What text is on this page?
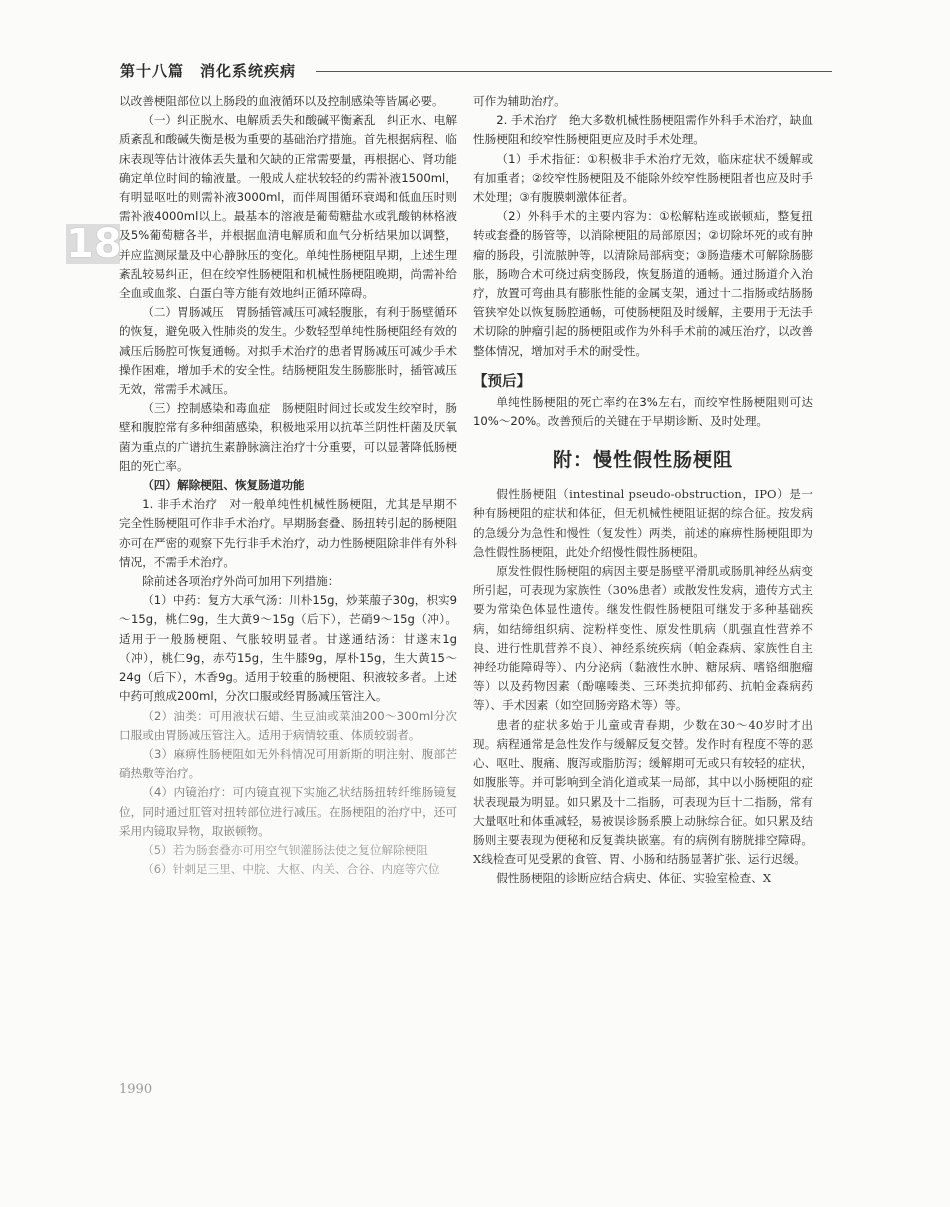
第十八篇　消化系统疾病
18

以改善梗阻部位以上肠段的血液循环以及控制感染等皆属必要。

（一）纠正脱水、电解质丢失和酸碱平衡紊乱　纠正水、电解质紊乱和酸碱失衡是极为重要的基础治疗措施。首先根据病程、临床表现等估计液体丢失量和欠缺的正常需要量，再根据心、肾功能确定单位时间的输液量。一般成人症状较轻的约需补液1500ml，有明显呕吐的则需补液3000ml，而伴周围循环衰竭和低血压时则需补液4000ml以上。最基本的溶液是葡萄糖盐水或乳酸钠林格液及5%葡萄糖各半，并根据血清电解质和血气分析结果加以调整，并应监测尿量及中心静脉压的变化。单纯性肠梗阻早期，上述生理紊乱较易纠正，但在绞窄性肠梗阻和机械性肠梗阻晚期，尚需补给全血或血浆、白蛋白等方能有效地纠正循环障碍。

（二）胃肠减压　胃肠插管减压可减轻腹胀，有利于肠壁循环的恢复，避免吸入性肺炎的发生。少数轻型单纯性肠梗阻经有效的减压后肠腔可恢复通畅。对拟手术治疗的患者胃肠减压可减少手术操作困难，增加手术的安全性。结肠梗阻发生肠膨胀时，插管减压无效，常需手术减压。

（三）控制感染和毒血症　肠梗阻时间过长或发生绞窄时，肠壁和腹腔常有多种细菌感染，积极地采用以抗革兰阴性杆菌及厌氧菌为重点的广谱抗生素静脉滴注治疗十分重要，可以显著降低肠梗阻的死亡率。

（四）解除梗阻、恢复肠道功能

1. 非手术治疗　对一般单纯性机械性肠梗阻，尤其是早期不完全性肠梗阻可作非手术治疗。早期肠套叠、肠扭转引起的肠梗阻亦可在严密的观察下先行非手术治疗，动力性肠梗阻除非伴有外科情况，不需手术治疗。

除前述各项治疗外尚可加用下列措施：

（1）中药：复方大承气汤：川朴15g，炒莱菔子30g，枳实9～15g，桃仁9g，生大黄9～15g（后下），芒硝9～15g（冲）。适用于一般肠梗阻、气胀较明显者。甘遂通结汤：甘遂末1g（冲），桃仁9g，赤芍15g，生牛膝9g，厚朴15g，生大黄15～24g（后下），木香9g。适用于较重的肠梗阻、积液较多者。上述中药可煎成200ml，分次口服或经胃肠减压管注入。

（2）油类：可用液状石蜡、生豆油或菜油200～300ml分次口服或由胃肠减压管注入。适用于病情较重、体质较弱者。

（3）麻痹性肠梗阻如无外科情况可用新斯的明注射、腹部芒硝热敷等治疗。

（4）内镜治疗：可内镜直视下实施乙状结肠扭转纤维肠镜复位，同时通过肛管对扭转部位进行减压。在肠梗阻的治疗中，还可采用内镜取异物，取嵌顿物。

（5）若为肠套叠亦可用空气钡灌肠法使之复位解除梗阻

（6）针刺足三里、中脘、大枢、内关、合谷、内庭等穴位

可作为辅助治疗。

2. 手术治疗　绝大多数机械性肠梗阻需作外科手术治疗，缺血性肠梗阻和绞窄性肠梗阻更应及时手术处理。

（1）手术指征：①积极非手术治疗无效，临床症状不缓解或有加重者；②绞窄性肠梗阻及不能除外绞窄性肠梗阻者也应及时手术处理；③有腹膜刺激体征者。

（2）外科手术的主要内容为：①松解粘连或嵌顿疝，整复扭转或套叠的肠管等，以消除梗阻的局部原因；②切除坏死的或有肿瘤的肠段，引流脓肿等，以清除局部病变；③肠造瘘术可解除肠膨胀，肠吻合术可绕过病变肠段，恢复肠道的通畅。通过肠道介入治疗，放置可弯曲具有膨胀性能的金属支架，通过十二指肠或结肠肠管狭窄处以恢复肠腔通畅，可使肠梗阻及时缓解，主要用于无法手术切除的肿瘤引起的肠梗阻或作为外科手术前的减压治疗，以改善整体情况，增加对手术的耐受性。

【预后】

单纯性肠梗阻的死亡率约在3%左右，而绞窄性肠梗阻则可达10%～20%。改善预后的关键在于早期诊断、及时处理。

附：慢性假性肠梗阻

假性肠梗阻（intestinal pseudo-obstruction，IPO）是一种有肠梗阻的症状和体征，但无机械性梗阻证据的综合征。按发病的急缓分为急性和慢性（复发性）两类，前述的麻痹性肠梗阻即为急性假性肠梗阻，此处介绍慢性假性肠梗阻。

原发性假性肠梗阻的病因主要是肠壁平滑肌或肠肌神经丛病变所引起，可表现为家族性（30%患者）或散发性发病，遗传方式主要为常染色体显性遗传。继发性假性肠梗阻可继发于多种基础疾病，如结缔组织病、淀粉样变性、原发性肌病（肌强直性营养不良、进行性肌营养不良）、神经系统疾病（帕金森病、家族性自主神经功能障碍等）、内分泌病（黏液性水肿、糖尿病、嗜铬细胞瘤等）以及药物因素（酚噻嗪类、三环类抗抑郁药、抗帕金森病药等）、手术因素（如空回肠旁路术等）等。

患者的症状多始于儿童或青春期，少数在30～40岁时才出现。病程通常是急性发作与缓解反复交替。发作时有程度不等的恶心、呕吐、腹痛、腹泻或脂肪泻；缓解期可无或只有较轻的症状，如腹胀等。并可影响到全消化道或某一局部，其中以小肠梗阻的症状表现最为明显。如只累及十二指肠，可表现为巨十二指肠，常有大量呕吐和体重减轻，易被误诊肠系膜上动脉综合征。如只累及结肠则主要表现为便秘和反复粪块嵌塞。有的病例有膀胱排空障碍。X线检查可见受累的食管、胃、小肠和结肠显著扩张、运行迟缓。

假性肠梗阻的诊断应结合病史、体征、实验室检查、X

1990
